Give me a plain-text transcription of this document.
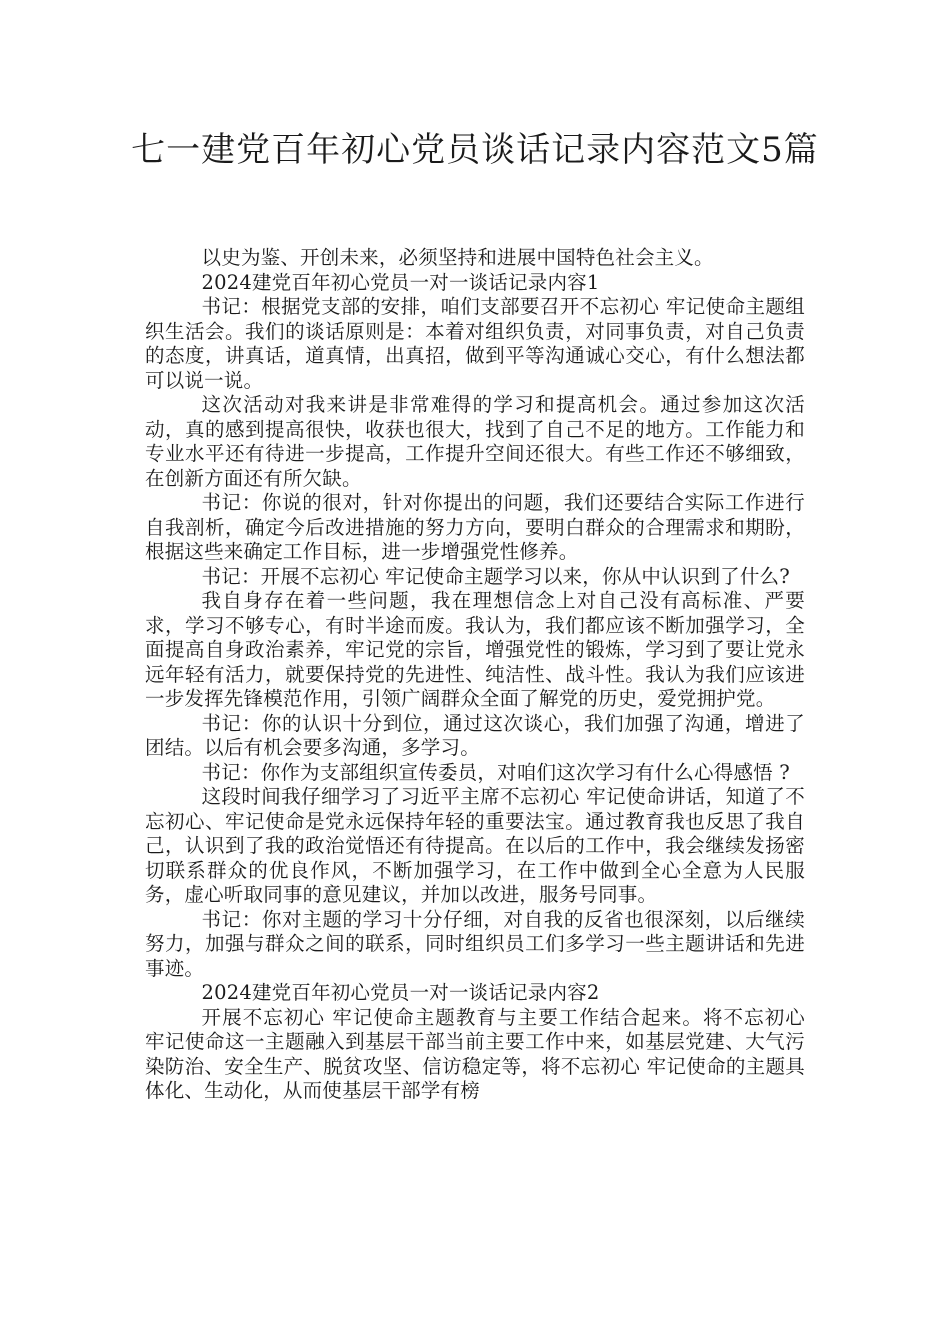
七一建党百年初心党员谈话记录内容范文5篇

以史为鉴、开创未来，必须坚持和进展中国特色社会主义。

2024建党百年初心党员一对一谈话记录内容1

书记：根据党支部的安排，咱们支部要召开不忘初心 牢记使命主题组织生活会。我们的谈话原则是：本着对组织负责，对同事负责，对自己负责的态度，讲真话，道真情，出真招，做到平等沟通诚心交心，有什么想法都可以说一说。

这次活动对我来讲是非常难得的学习和提高机会。通过参加这次活动，真的感到提高很快，收获也很大，找到了自己不足的地方。工作能力和专业水平还有待进一步提高，工作提升空间还很大。有些工作还不够细致，在创新方面还有所欠缺。

书记：你说的很对，针对你提出的问题，我们还要结合实际工作进行自我剖析，确定今后改进措施的努力方向，要明白群众的合理需求和期盼，根据这些来确定工作目标，进一步增强党性修养。

书记：开展不忘初心 牢记使命主题学习以来，你从中认识到了什么?

我自身存在着一些问题，我在理想信念上对自己没有高标准、严要求，学习不够专心，有时半途而废。我认为，我们都应该不断加强学习，全面提高自身政治素养，牢记党的宗旨，增强党性的锻炼，学习到了要让党永远年轻有活力，就要保持党的先进性、纯洁性、战斗性。我认为我们应该进一步发挥先锋模范作用，引领广阔群众全面了解党的历史，爱党拥护党。

书记：你的认识十分到位，通过这次谈心，我们加强了沟通，增进了团结。以后有机会要多沟通，多学习。

书记：你作为支部组织宣传委员，对咱们这次学习有什么心得感悟 ?

这段时间我仔细学习了习近平主席不忘初心 牢记使命讲话，知道了不忘初心、牢记使命是党永远保持年轻的重要法宝。通过教育我也反思了我自己，认识到了我的政治觉悟还有待提高。在以后的工作中，我会继续发扬密切联系群众的优良作风，不断加强学习，在工作中做到全心全意为人民服务，虚心听取同事的意见建议，并加以改进，服务号同事。

书记：你对主题的学习十分仔细，对自我的反省也很深刻，以后继续努力，加强与群众之间的联系，同时组织员工们多学习一些主题讲话和先进事迹。

2024建党百年初心党员一对一谈话记录内容2

开展不忘初心 牢记使命主题教育与主要工作结合起来。将不忘初心 牢记使命这一主题融入到基层干部当前主要工作中来，如基层党建、大气污染防治、安全生产、脱贫攻坚、信访稳定等，将不忘初心 牢记使命的主题具体化、生动化，从而使基层干部学有榜
